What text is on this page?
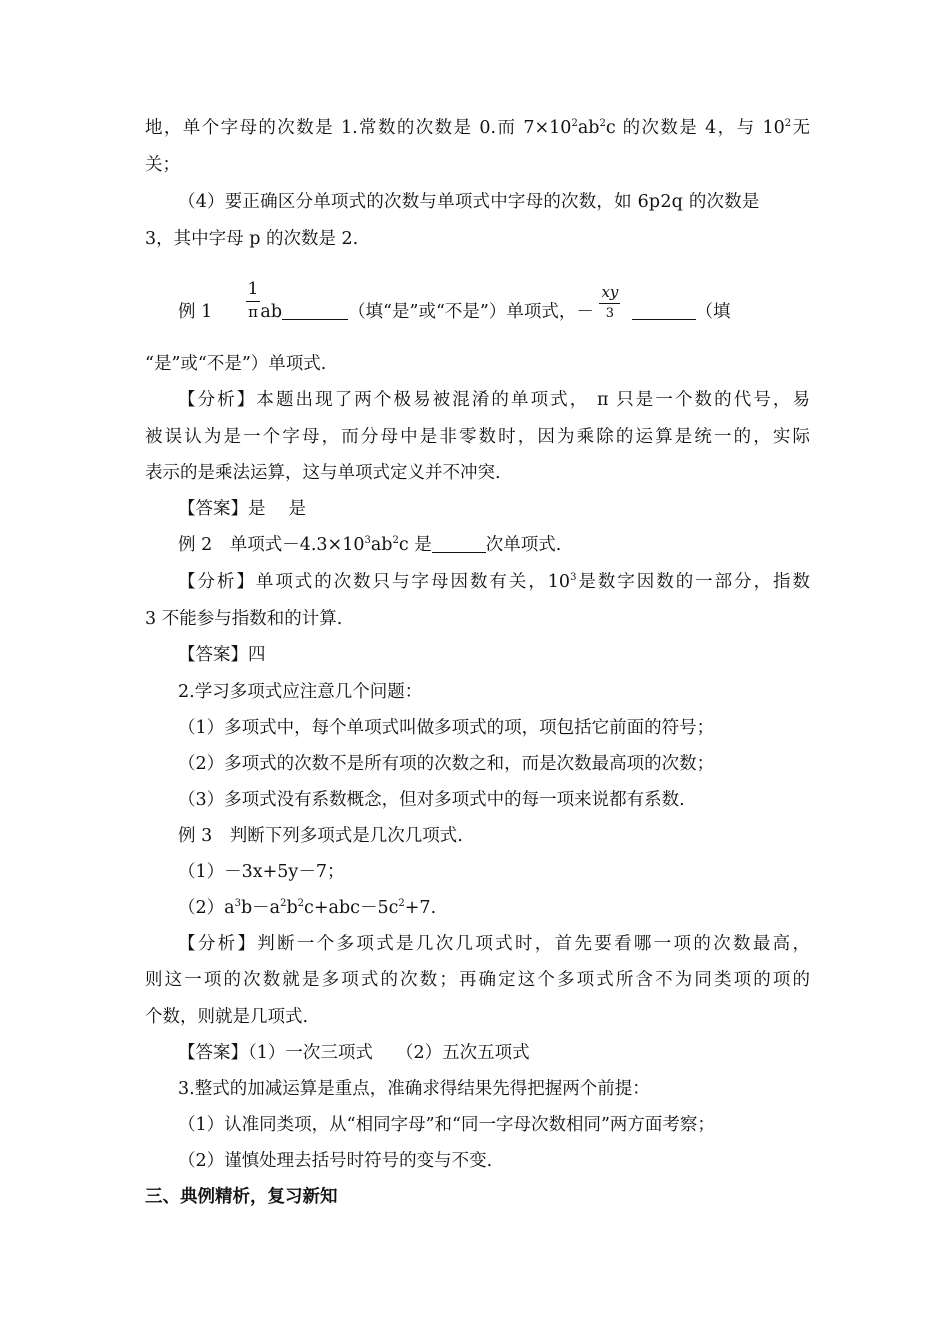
地，单个字母的次数是 1.常数的次数是 0.而 $7\times 10^2ab^2c$ 的次数是 4，与 $10^2$无
关；
（4）要正确区分单项式的次数与单项式中字母的次数，如 6p2q 的次数是
3，其中字母 p 的次数是 2.
例 $1 \frac{1}{\pi}$ ab	（填“是”或“不是”）单项式，－ $\frac{xy}{3}$	（填
“是”或“不是”）单项式.
【分析】本题出现了两个极易被混淆的单项式， π 只是一个数的代号，易
被误认为是一个字母，而分母中是非零数时，因为乘除的运算是统一的，实际
表示的是乘法运算，这与单项式定义并不冲突.
【答案】是　 是
例 2　单项式$-4.3\times 10^3ab^2c$ 是	次单项式.
【分析】单项式的次数只与字母因数有关，$10^3$是数字因数的一部分，指数
3 不能参与指数和的计算.
【答案】四
2.学习多项式应注意几个问题：
（1）多项式中，每个单项式叫做多项式的项，项包括它前面的符号；
（2）多项式的次数不是所有项的次数之和，而是次数最高项的次数；
（3）多项式没有系数概念，但对多项式中的每一项来说都有系数.
例 3　判断下列多项式是几次几项式.
（1）－3x+5y－7；
$(2)a^3b-a^2b^2c+abc-5c^2+7$.
【分析】判断一个多项式是几次几项式时，首先要看哪一项的次数最高，
则这一项的次数就是多项式的次数；再确定这个多项式所含不为同类项的项的
个数，则就是几项式.
【答案】（1）一次三项式　 （2）五次五项式
3.整式的加减运算是重点，准确求得结果先得把握两个前提：
（1）认准同类项，从“相同字母”和“同一字母次数相同”两方面考察；
（2）谨慎处理去括号时符号的变与不变.
三、典例精析，复习新知
